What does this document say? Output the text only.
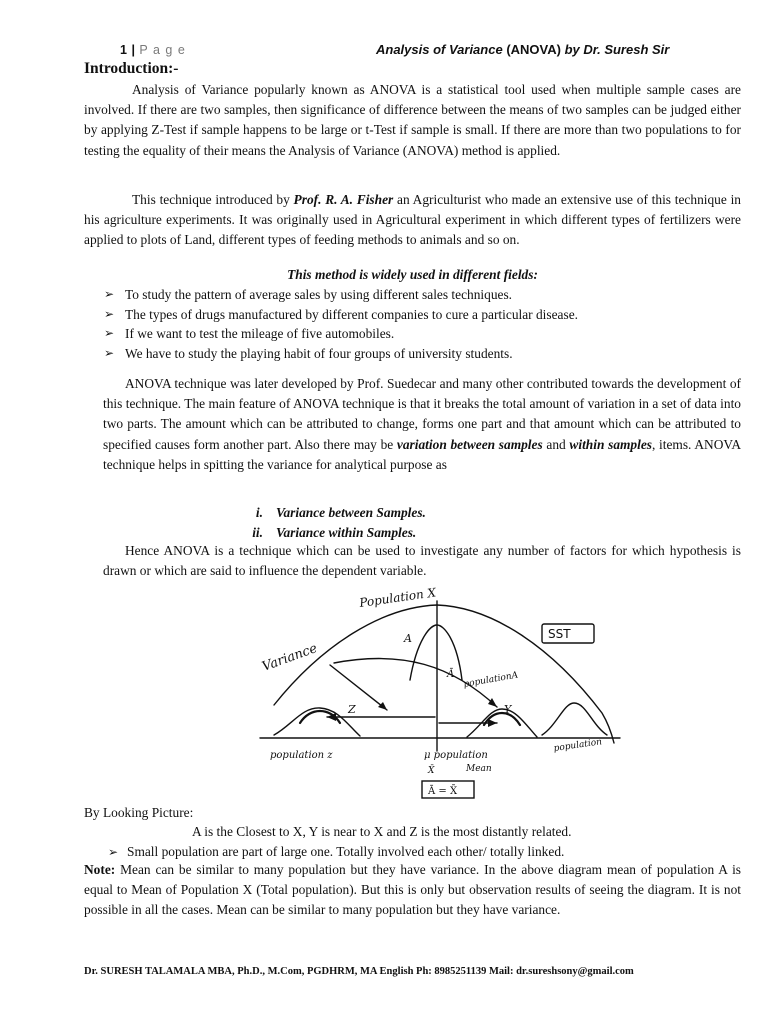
1 | P a g e	Analysis of Variance (ANOVA) by Dr. Suresh Sir
Introduction:-

Analysis of Variance popularly known as ANOVA is a statistical tool used when multiple sample cases are involved. If there are two samples, then significance of difference between the means of two samples can be judged either by applying Z-Test if sample happens to be large or t-Test if sample is small. If there are more than two populations to for testing the equality of their means the Analysis of Variance (ANOVA) method is applied.

This technique introduced by Prof. R. A. Fisher an Agriculturist who made an extensive use of this technique in his agriculture experiments. It was originally used in Agricultural experiment in which different types of fertilizers were applied to plots of Land, different types of feeding methods to animals and so on.

This method is widely used in different fields:
➢ To study the pattern of average sales by using different sales techniques.
➢ The types of drugs manufactured by different companies to cure a particular disease.
➢ If we want to test the mileage of five automobiles.
➢ We have to study the playing habit of four groups of university students.

ANOVA technique was later developed by Prof. Suedecar and many other contributed towards the development of this technique. The main feature of ANOVA technique is that it breaks the total amount of variation in a set of data into two parts. The amount which can be attributed to change, forms one part and that amount which can be attributed to specified causes form another part. Also there may be variation between samples and within samples, items. ANOVA technique helps in spitting the variance for analytical purpose as

i. Variance between Samples.
ii. Variance within Samples.

Hence ANOVA is a technique which can be used to investigate any number of factors for which hypothesis is drawn or which are said to influence the dependent variable.

Population X
SST
A
Variance	Ā populationA
Z	Y
population z	μ population
Mean
X̄
Ā = X̄
population
By Looking Picture:
A is the Closest to X, Y is near to X and Z is the most distantly related.
➢ Small population are part of large one. Totally involved each other/ totally linked.

Note: Mean can be similar to many population but they have variance. In the above diagram mean of population A is equal to Mean of Population X (Total population). But this is only but observation results of seeing the diagram. It is not possible in all the cases. Mean can be similar to many population but they have variance.

Dr. SURESH TALAMALA MBA, Ph.D., M.Com, PGDHRM, MA English Ph: 8985251139 Mail: dr.sureshsony@gmail.com
